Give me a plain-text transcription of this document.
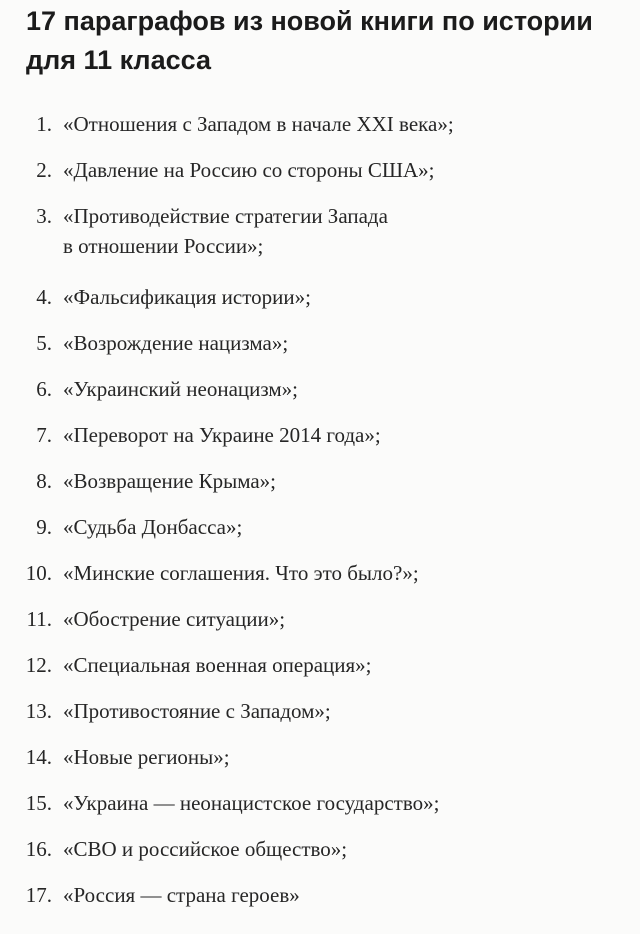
17 параграфов из новой книги по истории для 11 класса
1. «Отношения с Западом в начале XXI века»;
2. «Давление на Россию со стороны США»;
3. «Противодействие стратегии Запада
в отношении России»;
4. «Фальсификация истории»;
5. «Возрождение нацизма»;
6. «Украинский неонацизм»;
7. «Переворот на Украине 2014 года»;
8. «Возвращение Крыма»;
9. «Судьба Донбасса»;
10. «Минские соглашения. Что это было?»;
11. «Обострение ситуации»;
12. «Специальная военная операция»;
13. «Противостояние с Западом»;
14. «Новые регионы»;
15. «Украина — неонацистское государство»;
16. «СВО и российское общество»;
17. «Россия — страна героев»
